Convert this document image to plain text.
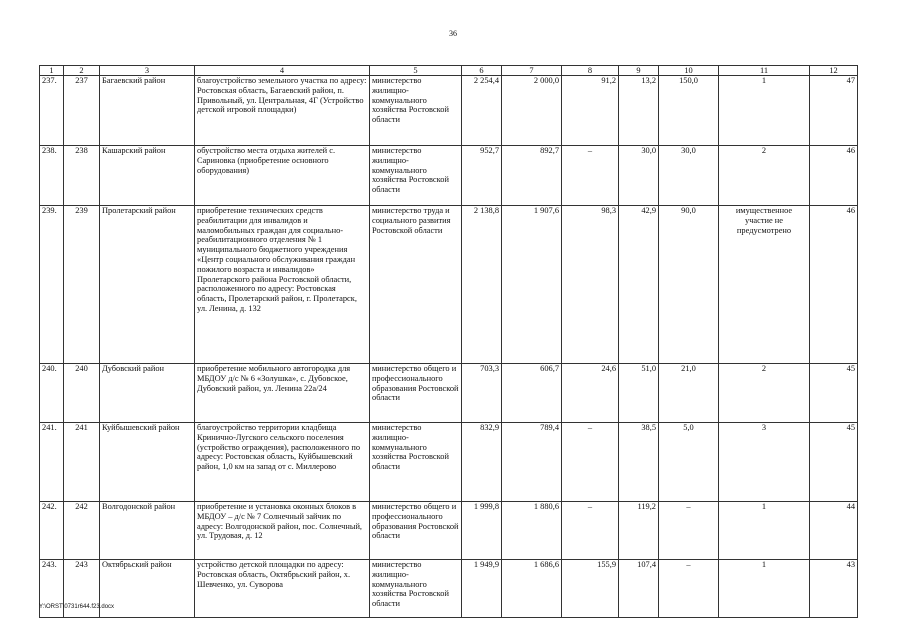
36
1	2	3	4	5	6	7	8	9	10	11	12
237.	237	Багаевский район	благоустройство земельного участка по адресу: Ростовская область, Багаевский район, п. Привольный, ул. Центральная, 4Г (Устройство детской игровой площадки)	министерство жилищно-коммунального хозяйства Ростовской области	2 254,4	2 000,0	91,2	13,2	150,0	1	47
238.	238	Кашарский район	обустройство места отдыха жителей с. Сариновка (приобретение основного оборудования)	министерство жилищно-коммунального хозяйства Ростовской области	952,7	892,7	–	30,0	30,0	2	46
239.	239	Пролетарский район	приобретение технических средств реабилитации для инвалидов и маломобильных граждан для социально-реабилитационного отделения № 1 муниципального бюджетного учреждения «Центр социального обслуживания граждан пожилого возраста и инвалидов» Пролетарского района Ростовской области, расположенного по адресу: Ростовская область, Пролетарский район, г. Пролетарск, ул. Ленина, д. 132	министерство труда и социального развития Ростовской области	2 138,8	1 907,6	98,3	42,9	90,0	имущественное участие не предусмотрено	46
240.	240	Дубовский район	приобретение мобильного автогородка для МБДОУ д/с № 6 «Золушка», с. Дубовское, Дубовский район, ул. Ленина 22а/24	министерство общего и профессионального образования Ростовской области	703,3	606,7	24,6	51,0	21,0	2	45
241.	241	Куйбышевский район	благоустройство территории кладбища Кринично-Лугского сельского поселения (устройство ограждения), расположенного по адресу: Ростовская область, Куйбышевский район, 1,0 км на запад от с. Миллерово	министерство жилищно-коммунального хозяйства Ростовской области	832,9	789,4	–	38,5	5,0	3	45
242.	242	Волгодонской район	приобретение и установка оконных блоков в МБДОУ – д/с № 7 Солнечный зайчик по адресу: Волгодонской район, пос. Солнечный, ул. Трудовая, д. 12	министерство общего и профессионального образования Ростовской области	1 999,8	1 880,6	–	119,2	–	1	44
243.	243	Октябрьский район	устройство детской площадки по адресу: Ростовская область, Октябрьский район, х. Шевченко, ул. Суворова	министерство жилищно-коммунального хозяйства Ростовской области	1 949,9	1 686,6	155,9	107,4	–	1	43
Y:\ORST\0731r644.f23.docx
